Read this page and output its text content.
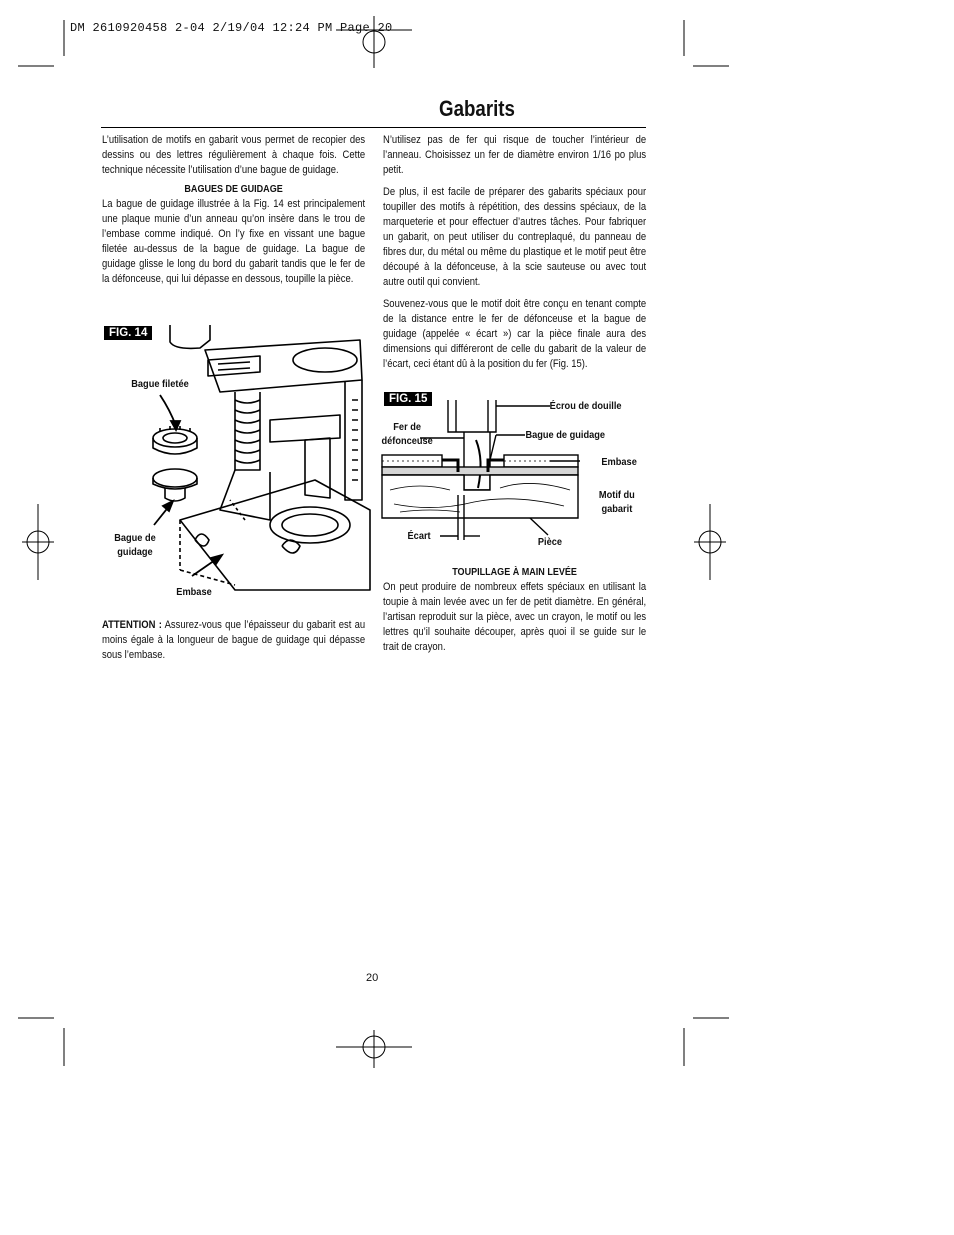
DM 2610920458 2-04 2/19/04 12:24 PM Page 20
Gabarits

L’utilisation de motifs en gabarit vous permet de recopier des dessins ou des lettres régulièrement à chaque fois. Cette technique nécessite l’utilisation d’une bague de guidage.

BAGUES DE GUIDAGE

La bague de guidage illustrée à la Fig. 14 est principalement une plaque munie d’un anneau qu’on insère dans le trou de l’embase comme indiqué. On l’y fixe en vissant une bague filetée au-dessus de la bague de guidage. La bague de guidage glisse le long du bord du gabarit tandis que le fer de la défonceuse, qui lui dépasse en dessous, toupille la pièce.

FIG. 14
Bague filetée
Bague de guidage
Embase
ATTENTION : Assurez-vous que l’épaisseur du gabarit est au moins égale à la longueur de bague de guidage qui dépasse sous l’embase.

N’utilisez pas de fer qui risque de toucher l’intérieur de l’anneau. Choisissez un fer de diamètre environ 1/16 po plus petit.

De plus, il est facile de préparer des gabarits spéciaux pour toupiller des motifs à répétition, des dessins spéciaux, de la marqueterie et pour effectuer d’autres tâches. Pour fabriquer un gabarit, on peut utiliser du contreplaqué, du panneau de fibres dur, du métal ou même du plastique et le motif peut être découpé à la défonceuse, à la scie sauteuse ou avec tout autre outil qui convient.

Souvenez-vous que le motif doit être conçu en tenant compte de la distance entre le fer de défonceuse et la bague de guidage (appelée « écart ») car la pièce finale aura des dimensions qui différeront de celle du gabarit de la valeur de l’écart, ceci étant dû à la position du fer (Fig. 15).

FIG. 15
Écrou de douille
Fer de défonceuse	Bague de guidage
Embase
Motif du gabarit
Écart	Pièce

TOUPILLAGE À MAIN LEVÉE

On peut produire de nombreux effets spéciaux en utilisant la toupie à main levée avec un fer de petit diamètre. En général, l’artisan reproduit sur la pièce, avec un crayon, le motif ou les lettres qu’il souhaite découper, après quoi il se guide sur le trait de crayon.

20
